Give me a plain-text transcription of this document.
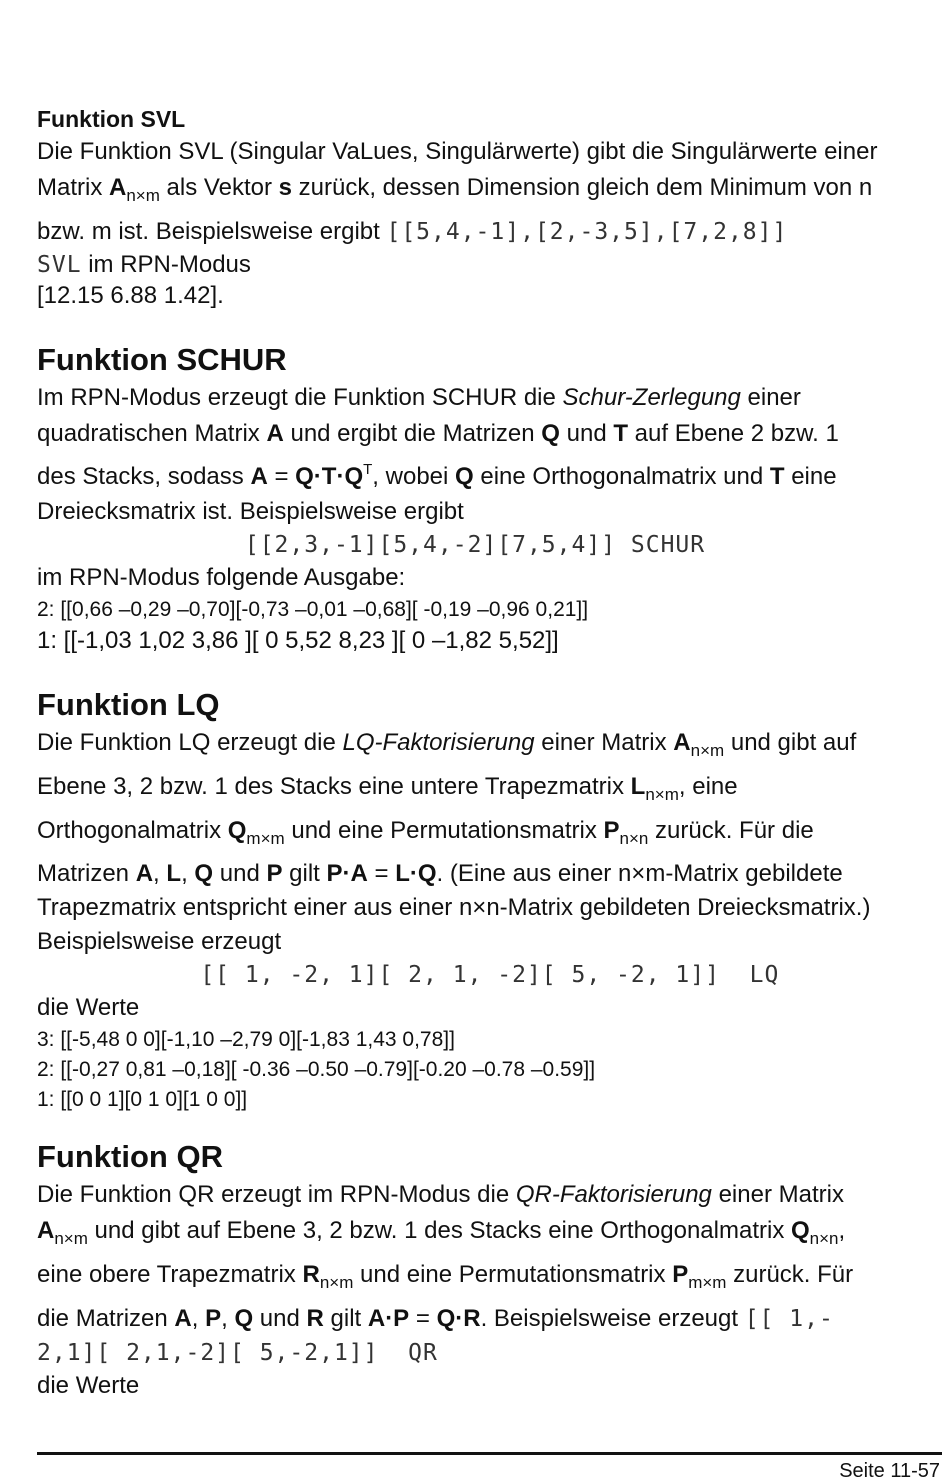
Funktion SVL

Die Funktion SVL (Singular VaLues, Singulärwerte) gibt die Singulärwerte einer

Matrix $A_{n\times m}$ als Vektor s zurück, dessen Dimension gleich dem Minimum von n

bzw. m ist. Beispielsweise ergibt [[5,4,-1],[2,-3,5],[7,2,8]]

SVL im RPN-Modus

[12.15 6.88 1.42].

Funktion SCHUR

Im RPN-Modus erzeugt die Funktion SCHUR die Schur-Zerlegung einer

quadratischen Matrix A und ergibt die Matrizen Q und T auf Ebene 2 bzw. 1

des Stacks, sodass $A = Q\cdot T\cdot Q^T$, wobei Q eine Orthogonalmatrix und T eine

Dreiecksmatrix ist. Beispielsweise ergibt

[[2,3,-1][5,4,-2][7,5,4]] SCHUR

im RPN-Modus folgende Ausgabe:

2: [[0,66 –0,29 –0,70][-0,73 –0,01 –0,68][ -0,19 –0,96 0,21]]

1: [[-1,03 1,02 3,86 ][ 0 5,52 8,23 ][ 0 –1,82 5,52]]

Funktion LQ

Die Funktion LQ erzeugt die LQ-Faktorisierung einer Matrix $A_{n\times m}$ und gibt auf

Ebene 3, 2 bzw. 1 des Stacks eine untere Trapezmatrix $L_{n\times m}$, eine

Orthogonalmatrix $Q_{m\times m}$ und eine Permutationsmatrix $P_{n\times n}$ zurück. Für die

Matrizen A, L, Q und P gilt P·A = L·Q. (Eine aus einer n×m-Matrix gebildete

Trapezmatrix entspricht einer aus einer n×n-Matrix gebildeten Dreiecksmatrix.)

Beispielsweise erzeugt

[[ 1, -2, 1][ 2, 1, -2][ 5, -2, 1]]  LQ

die Werte

3: [[-5,48 0 0][-1,10 –2,79 0][-1,83 1,43 0,78]]

2: [[-0,27 0,81 –0,18][ -0.36 –0.50 –0.79][-0.20 –0.78 –0.59]]

1: [[0 0 1][0 1 0][1 0 0]]

Funktion QR

Die Funktion QR erzeugt im RPN-Modus die QR-Faktorisierung einer Matrix

$A_{n\times m}$ und gibt auf Ebene 3, 2 bzw. 1 des Stacks eine Orthogonalmatrix $Q_{n\times n}$,

eine obere Trapezmatrix $R_{n\times m}$ und eine Permutationsmatrix $P_{m\times m}$ zurück. Für

die Matrizen A, P, Q und R gilt A·P = Q·R. Beispielsweise erzeugt [[ 1,-

2,1][ 2,1,-2][ 5,-2,1]]  QR

die Werte

Seite 11-57
